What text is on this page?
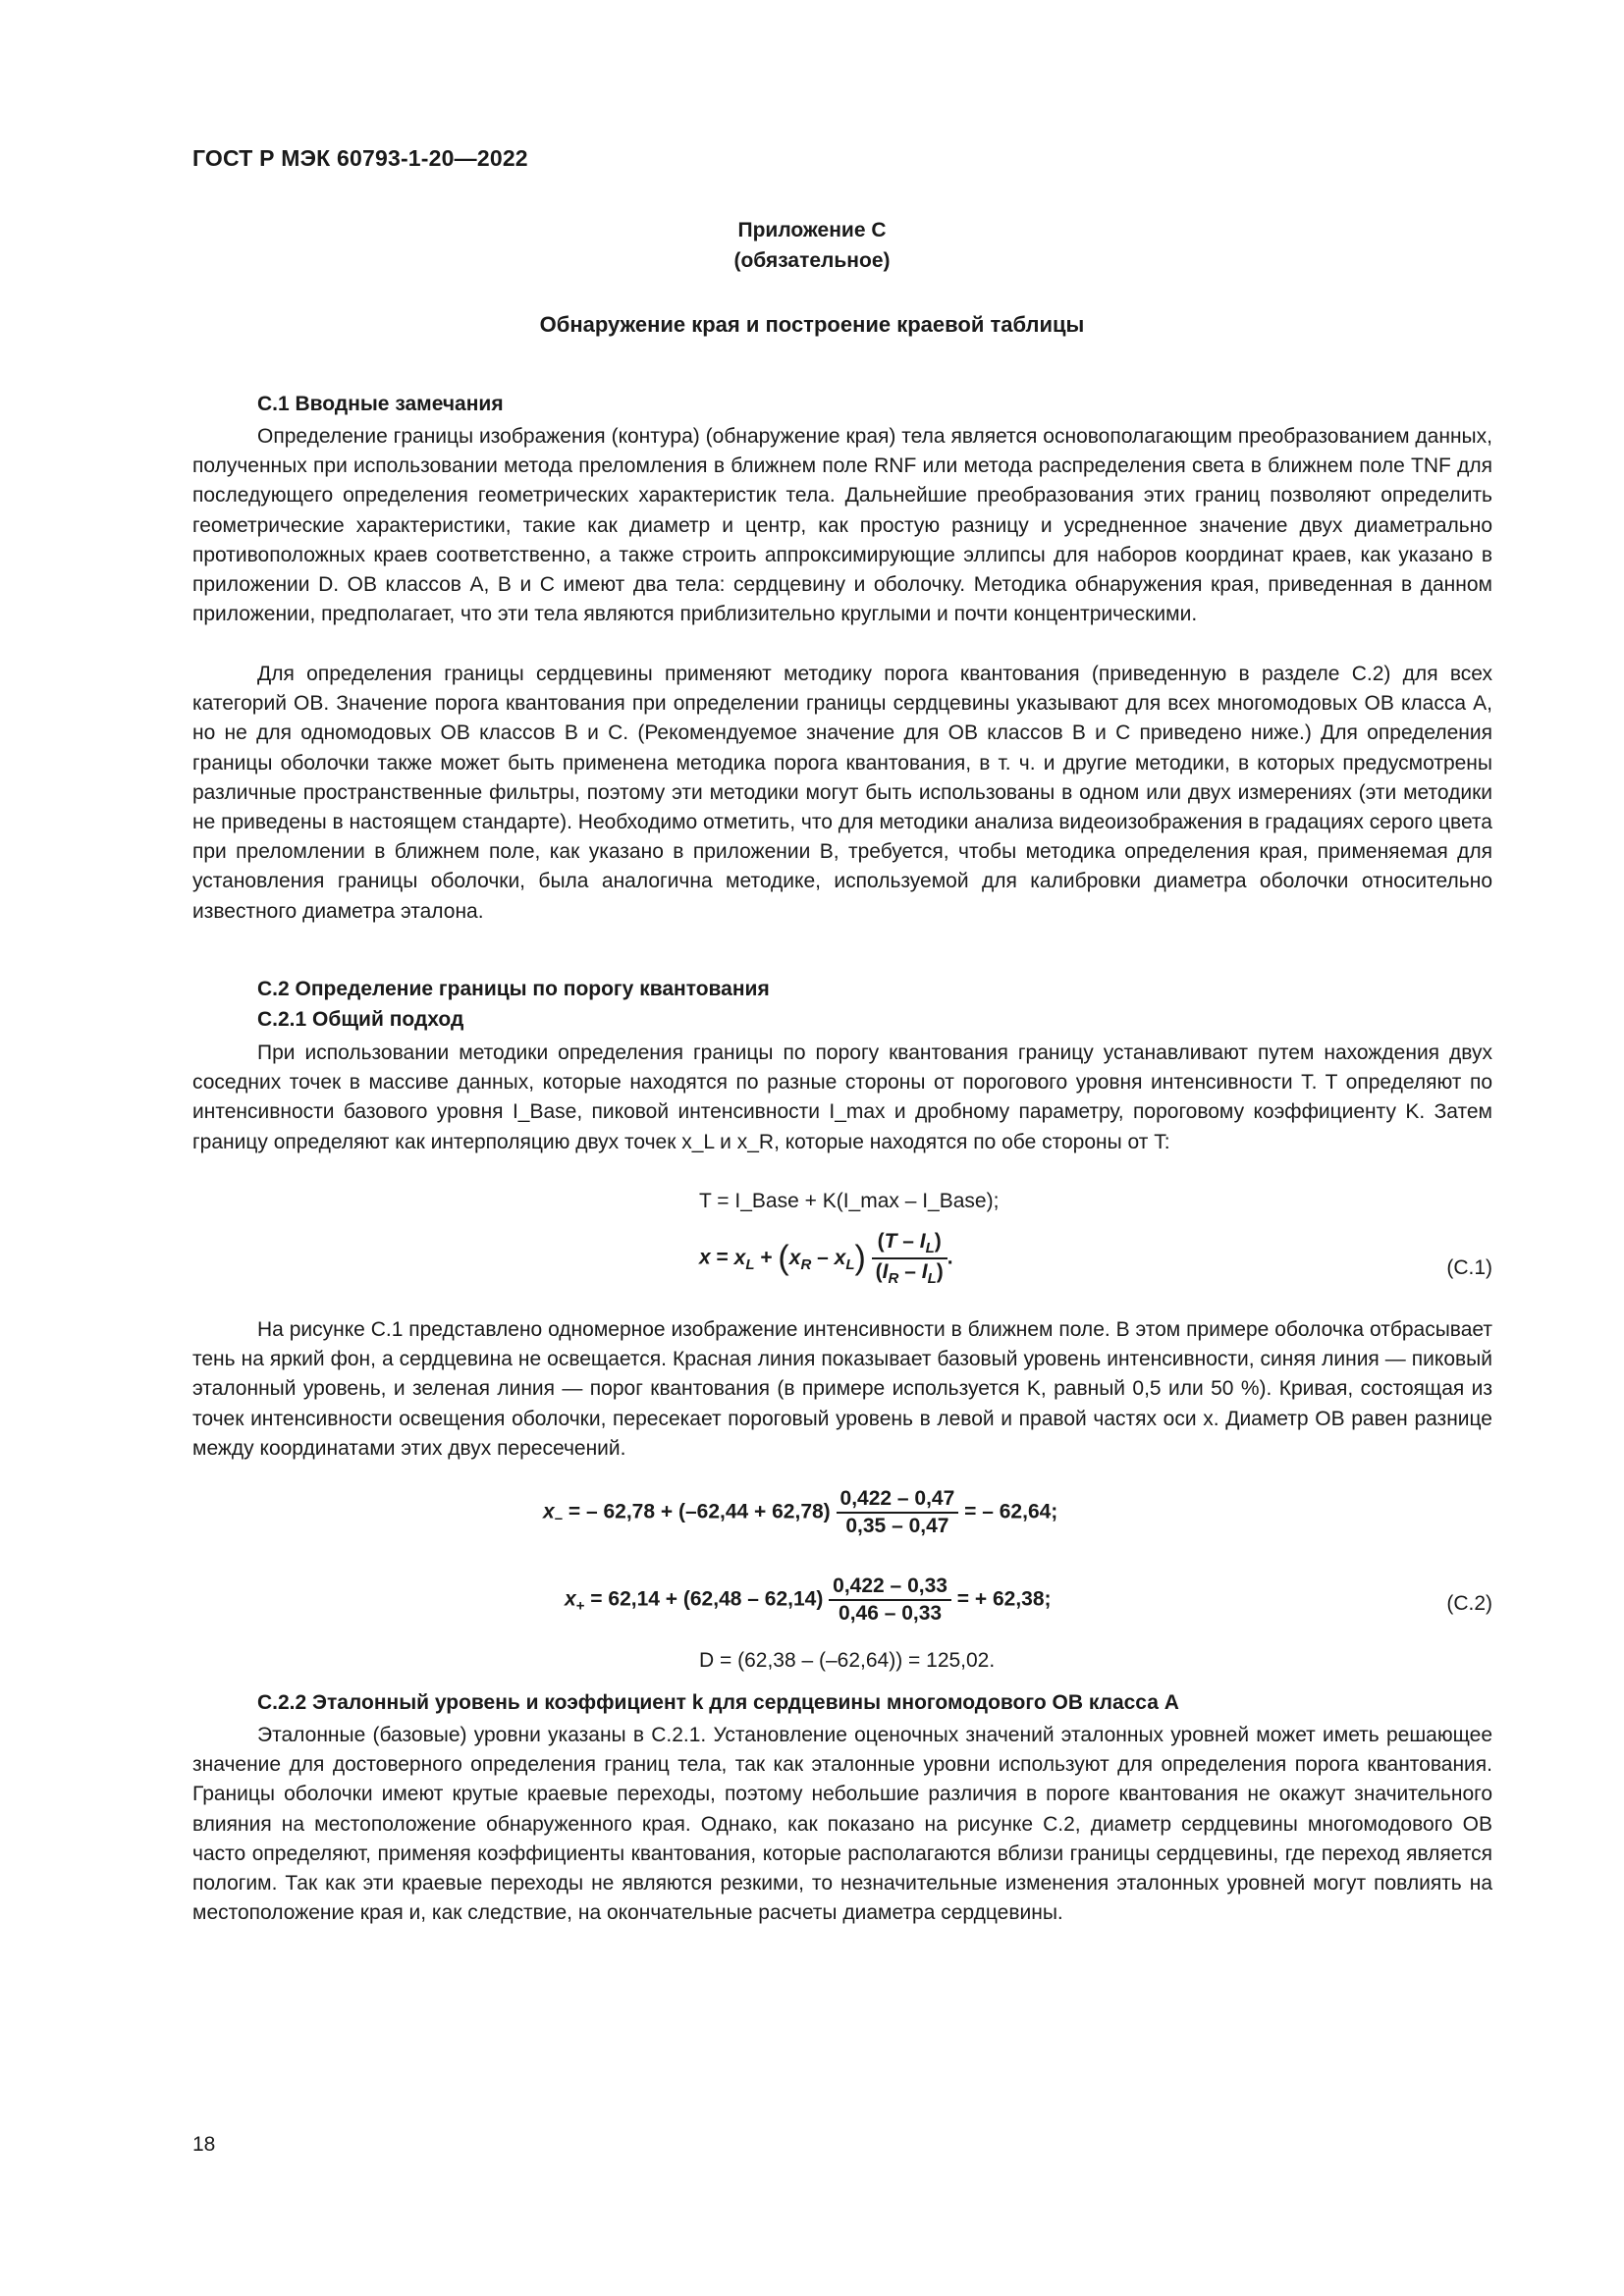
ГОСТ Р МЭК 60793-1-20—2022
Приложение С
(обязательное)
Обнаружение края и построение краевой таблицы
С.1 Вводные замечания

Определение границы изображения (контура) (обнаружение края) тела является основополагающим преобразованием данных, полученных при использовании метода преломления в ближнем поле RNF или метода распределения света в ближнем поле TNF для последующего определения геометрических характеристик тела. Дальнейшие преобразования этих границ позволяют определить геометрические характеристики, такие как диаметр и центр, как простую разницу и усредненное значение двух диаметрально противоположных краев соответственно, а также строить аппроксимирующие эллипсы для наборов координат краев, как указано в приложении D. ОВ классов А, В и С имеют два тела: сердцевину и оболочку. Методика обнаружения края, приведенная в данном приложении, предполагает, что эти тела являются приблизительно круглыми и почти концентрическими.

Для определения границы сердцевины применяют методику порога квантования (приведенную в разделе С.2) для всех категорий ОВ. Значение порога квантования при определении границы сердцевины указывают для всех многомодовых ОВ класса А, но не для одномодовых ОВ классов В и С. (Рекомендуемое значение для ОВ классов В и С приведено ниже.) Для определения границы оболочки также может быть применена методика порога квантования, в т. ч. и другие методики, в которых предусмотрены различные пространственные фильтры, поэтому эти методики могут быть использованы в одном или двух измерениях (эти методики не приведены в настоящем стандарте). Необходимо отметить, что для методики анализа видеоизображения в градациях серого цвета при преломлении в ближнем поле, как указано в приложении В, требуется, чтобы методика определения края, применяемая для установления границы оболочки, была аналогична методике, используемой для калибровки диаметра оболочки относительно известного диаметра эталона.

С.2 Определение границы по порогу квантования
С.2.1 Общий подход

При использовании методики определения границы по порогу квантования границу устанавливают путем нахождения двух соседних точек в массиве данных, которые находятся по разные стороны от порогового уровня интенсивности T. T определяют по интенсивности базового уровня I_Base, пиковой интенсивности I_max и дробному параметру, пороговому коэффициенту K. Затем границу определяют как интерполяцию двух точек x_L и x_R, которые находятся по обе стороны от T:

T = I_Base + K(I_max – I_Base);
$x = x_L + (x_R - x_L) \frac{(T - I_L)}{(I_R - I_L)}$ .	(С.1)

На рисунке С.1 представлено одномерное изображение интенсивности в ближнем поле. В этом примере оболочка отбрасывает тень на яркий фон, а сердцевина не освещается. Красная линия показывает базовый уровень интенсивности, синяя линия — пиковый эталонный уровень, и зеленая линия — порог квантования (в примере используется K, равный 0,5 или 50 %). Кривая, состоящая из точек интенсивности освещения оболочки, пересекает пороговый уровень в левой и правой частях оси x. Диаметр ОВ равен разнице между координатами этих двух пересечений.

$x_-$ = – $62,78 + (-62,44 + 62,78) \frac{0,422 - 0,47}{0,35 - 0,47}$ = – 62,64;
$x_+ = 62,14 + (62,48 - 62,14) \frac{0,422 - 0,33}{0,46 - 0,33}$ = + 62,38;	(С.2)
D = (62,38 – (–62,64)) = 125,02.
С.2.2 Эталонный уровень и коэффициент k для сердцевины многомодового ОВ класса А

Эталонные (базовые) уровни указаны в С.2.1. Установление оценочных значений эталонных уровней может иметь решающее значение для достоверного определения границ тела, так как эталонные уровни используют для определения порога квантования. Границы оболочки имеют крутые краевые переходы, поэтому небольшие различия в пороге квантования не окажут значительного влияния на местоположение обнаруженного края. Однако, как показано на рисунке С.2, диаметр сердцевины многомодового ОВ часто определяют, применяя коэффициенты квантования, которые располагаются вблизи границы сердцевины, где переход является пологим. Так как эти краевые переходы не являются резкими, то незначительные изменения эталонных уровней могут повлиять на местоположение края и, как следствие, на окончательные расчеты диаметра сердцевины.

18
